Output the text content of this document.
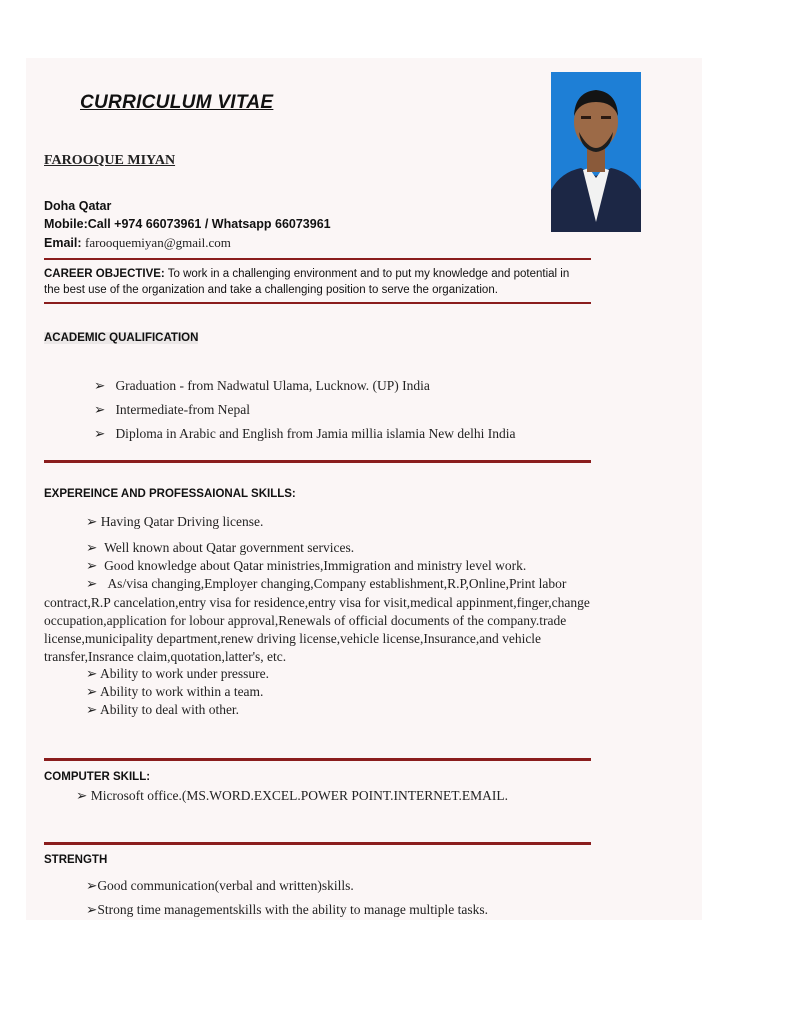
CURRICULUM VITAE
FAROOQUE MIYAN
Doha Qatar
Mobile:Call +974 66073961 / Whatsapp 66073961
Email: farooquemiyan@gmail.com
CAREER OBJECTIVE: To work in a challenging environment and to put my knowledge and potential in
the best use of the organization and take a challenging position to serve the organization.
ACADEMIC QUALIFICATION
➢ Graduation - from Nadwatul Ulama, Lucknow. (UP) India
➢ Intermediate-from Nepal
➢ Diploma in Arabic and English from Jamia millia islamia New delhi India
EXPEREINCE AND PROFESSAIONAL SKILLS:
➢ Having Qatar Driving license.
➢ Well known about Qatar government services.
➢ Good knowledge about Qatar ministries,Immigration and ministry level work.
➢ As/visa changing,Employer changing,Company establishment,R.P,Online,Print labor
contract,R.P cancelation,entry visa for residence,entry visa for visit,medical appinment,finger,change occupation,application for lobour approval,Renewals of official documents of the company.trade license,municipality department,renew driving license,vehicle license,Insurance,and vehicle transfer,Insrance claim,quotation,latter's, etc.
➢ Ability to work under pressure.
➢ Ability to work within a team.
➢ Ability to deal with other.
COMPUTER SKILL:
➢ Microsoft office.(MS.WORD.EXCEL.POWER POINT.INTERNET.EMAIL.
STRENGTH
➢Good communication(verbal and written)skills.
➢Strong time managementskills with the ability to manage multiple tasks.
